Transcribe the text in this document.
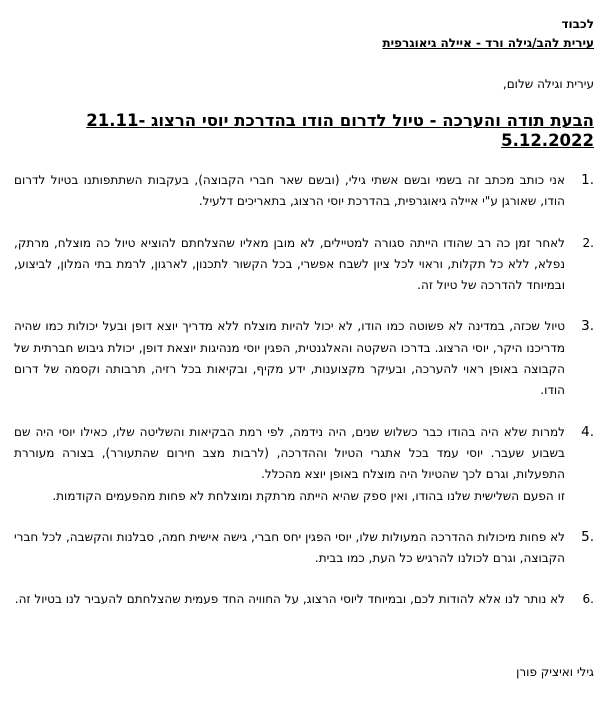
לכבוד

עירית להב/גילה ורד - איילה גיאוגרפית

עירית וגילה שלום,

הבעת תודה והערכה - טיול לדרום הודו בהדרכת יוסי הרצוג 21.11-5.12.2022
1.

אני כותב מכתב זה בשמי ובשם אשתי גילי, (ובשם שאר חברי הקבוצה), בעקבות השתתפותנו בטיול לדרום הודו, שאורגן ע"י איילה גיאוגרפית, בהדרכת יוסי הרצוג, בתאריכים דלעיל.

2.

לאחר זמן כה רב שהודו הייתה סגורה למטיילים, לא מובן מאליו שהצלחתם להוציא טיול כה מוצלח, מרתק, נפלא, ללא כל תקלות, וראוי לכל ציון לשבח אפשרי, בכל הקשור לתכנון, לארגון, לרמת בתי המלון, לביצוע, ובמיוחד להדרכה של טיול זה.

3.

טיול שכזה, במדינה לא פשוטה כמו הודו, לא יכול להיות מוצלח ללא מדריך יוצא דופן ובעל יכולות כמו שהיה מדריכנו היקר, יוסי הרצוג. בדרכו השקטה והאלגנטית, הפגין יוסי מנהיגות יוצאת דופן, יכולת גיבוש חברתית של הקבוצה באופן ראוי להערכה, ובעיקר מקצוענות, ידע מקיף, ובקיאות בכל רזיה, תרבותה וקסמה של דרום הודו.

4.

למרות שלא היה בהודו כבר כשלוש שנים, היה נידמה, לפי רמת הבקיאות והשליטה שלו, כאילו יוסי היה שם בשבוע שעבר. יוסי עמד בכל אתגרי הטיול וההדרכה, (לרבות מצב חירום שהתעורר), בצורה מעוררת התפעלות, וגרם לכך שהטיול היה מוצלח באופן יוצא מהכלל.

זו הפעם השלישית שלנו בהודו, ואין ספק שהיא הייתה מרתקת ומוצלחת לא פחות מהפעמים הקודמות.

5.

לא פחות מיכולות ההדרכה המעולות שלו, יוסי הפגין יחס חברי, גישה אישית חמה, סבלנות והקשבה, לכל חברי הקבוצה, וגרם לכולנו להרגיש כל העת, כמו בבית.

6.

לא נותר לנו אלא להודות לכם, ובמיוחד ליוסי הרצוג, על החוויה החד פעמית שהצלחתם להעביר לנו בטיול זה.

גילי ואיציק פורן
